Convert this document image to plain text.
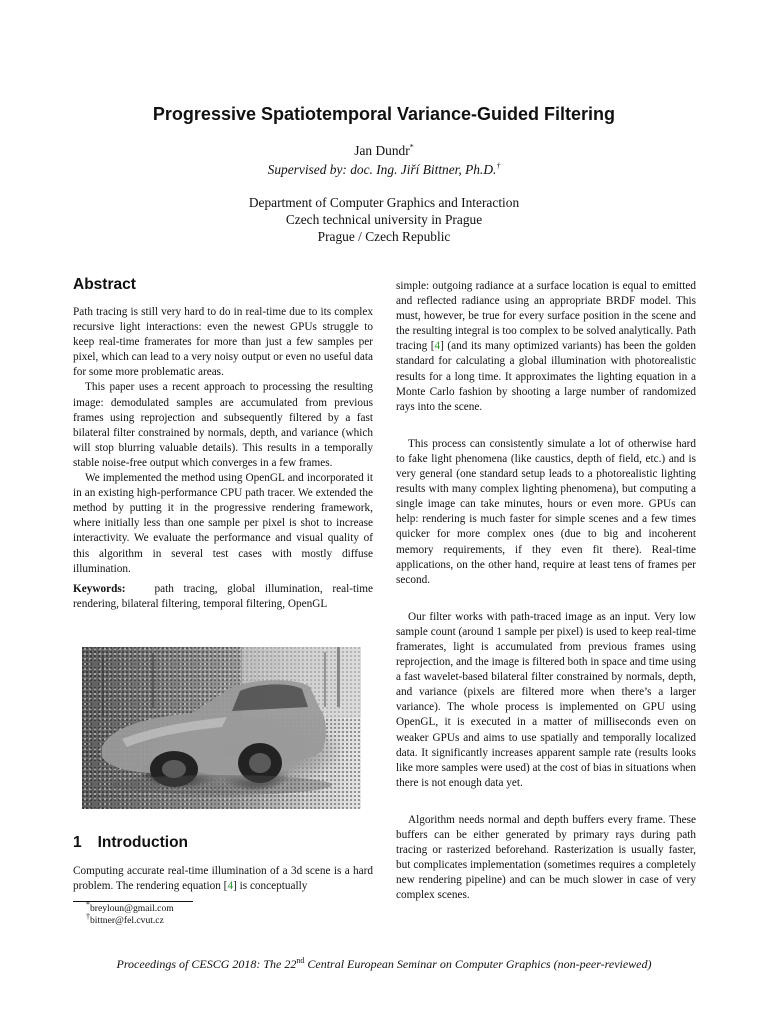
Progressive Spatiotemporal Variance-Guided Filtering
Jan Dundr*
Supervised by: doc. Ing. Jiří Bittner, Ph.D.†
Department of Computer Graphics and Interaction
Czech technical university in Prague
Prague / Czech Republic
Abstract

Path tracing is still very hard to do in real-time due to its complex recursive light interactions: even the newest GPUs struggle to keep real-time framerates for more than just a few samples per pixel, which can lead to a very noisy output or even no useful data for some more problematic areas.

This paper uses a recent approach to processing the resulting image: demodulated samples are accumulated from previous frames using reprojection and subsequently filtered by a fast bilateral filter constrained by normals, depth, and variance (which will stop blurring valuable details). This results in a temporally stable noise-free output which converges in a few frames.

We implemented the method using OpenGL and incorporated it in an existing high-performance CPU path tracer. We extended the method by putting it in the progressive rendering framework, where initially less than one sample per pixel is shot to increase interactivity. We evaluate the performance and visual quality of this algorithm in several test cases with mostly diffuse illumination.

Keywords:	path tracing, global illumination, real-time rendering, bilateral filtering, temporal filtering, OpenGL

1 Introduction

Computing accurate real-time illumination of a 3d scene is a hard problem. The rendering equation [4] is conceptually

*breyloun@gmail.com
†bittner@fel.cvut.cz

simple: outgoing radiance at a surface location is equal to emitted and reflected radiance using an appropriate BRDF model. This must, however, be true for every surface position in the scene and the resulting integral is too complex to be solved analytically. Path tracing [4] (and its many optimized variants) has been the golden standard for calculating a global illumination with photorealistic results for a long time. It approximates the lighting equation in a Monte Carlo fashion by shooting a large number of randomized rays into the scene.

This process can consistently simulate a lot of otherwise hard to fake light phenomena (like caustics, depth of field, etc.) and is very general (one standard setup leads to a photorealistic lighting results with many complex lighting phenomena), but computing a single image can take minutes, hours or even more. GPUs can help: rendering is much faster for simple scenes and a few times quicker for more complex ones (due to big and incoherent memory requirements, if they even fit there). Real-time applications, on the other hand, require at least tens of frames per second.

Our filter works with path-traced image as an input. Very low sample count (around 1 sample per pixel) is used to keep real-time framerates, light is accumulated from previous frames using reprojection, and the image is filtered both in space and time using a fast wavelet-based bilateral filter constrained by normals, depth, and variance (pixels are filtered more when there’s a larger variance). The whole process is implemented on GPU using OpenGL, it is executed in a matter of milliseconds even on weaker GPUs and aims to use spatially and temporally localized data. It significantly increases apparent sample rate (results looks like more samples were used) at the cost of bias in situations when there is not enough data yet.

Algorithm needs normal and depth buffers every frame. These buffers can be either generated by primary rays during path tracing or rasterized beforehand. Rasterization is usually faster, but complicates implementation (sometimes requires a completely new rendering pipeline) and can be much slower in case of very complex scenes.

Proceedings of CESCG 2018: The 22nd Central European Seminar on Computer Graphics (non-peer-reviewed)
